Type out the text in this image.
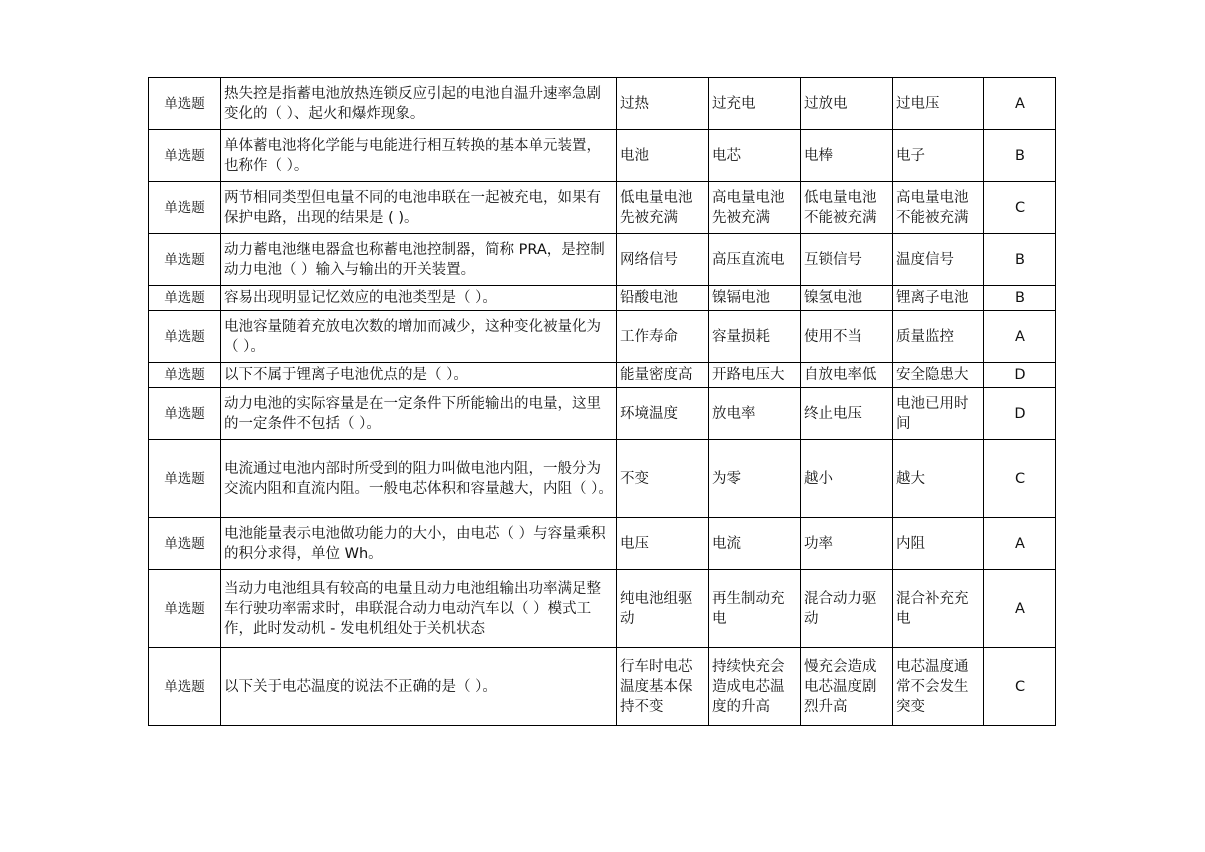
单选题	热失控是指蓄电池放热连锁反应引起的电池自温升速率急剧变化的（ ）、起火和爆炸现象。	过热	过充电	过放电	过电压	A
单选题	单体蓄电池将化学能与电能进行相互转换的基本单元装置，也称作（ ）。	电池	电芯	电棒	电子	B
单选题	两节相同类型但电量不同的电池串联在一起被充电，如果有保护电路，出现的结果是 ( )。	低电量电池先被充满	高电量电池先被充满	低电量电池不能被充满	高电量电池不能被充满	C
单选题	动力蓄电池继电器盒也称蓄电池控制器，简称 PRA，是控制动力电池（ ）输入与输出的开关装置。	网络信号	高压直流电	互锁信号	温度信号	B
单选题	容易出现明显记忆效应的电池类型是（ ）。	铅酸电池	镍镉电池	镍氢电池	锂离子电池	B
单选题	电池容量随着充放电次数的增加而减少，这种变化被量化为（ ）。	工作寿命	容量损耗	使用不当	质量监控	A
单选题	以下不属于锂离子电池优点的是（ ）。	能量密度高	开路电压大	自放电率低	安全隐患大	D
单选题	动力电池的实际容量是在一定条件下所能输出的电量，这里的一定条件不包括（ ）。	环境温度	放电率	终止电压	电池已用时间	D
单选题	电流通过电池内部时所受到的阻力叫做电池内阻，一般分为交流内阻和直流内阻。一般电芯体积和容量越大，内阻（ ）。	不变	为零	越小	越大	C
单选题	电池能量表示电池做功能力的大小，由电芯（ ）与容量乘积的积分求得，单位 Wh。	电压	电流	功率	内阻	A
单选题	当动力电池组具有较高的电量且动力电池组输出功率满足整车行驶功率需求时，串联混合动力电动汽车以（ ）模式工作，此时发动机 - 发电机组处于关机状态	纯电池组驱动	再生制动充电	混合动力驱动	混合补充充电	A
单选题	以下关于电芯温度的说法不正确的是（ ）。	行车时电芯温度基本保持不变	持续快充会造成电芯温度的升高	慢充会造成电芯温度剧烈升高	电芯温度通常不会发生突变	C
